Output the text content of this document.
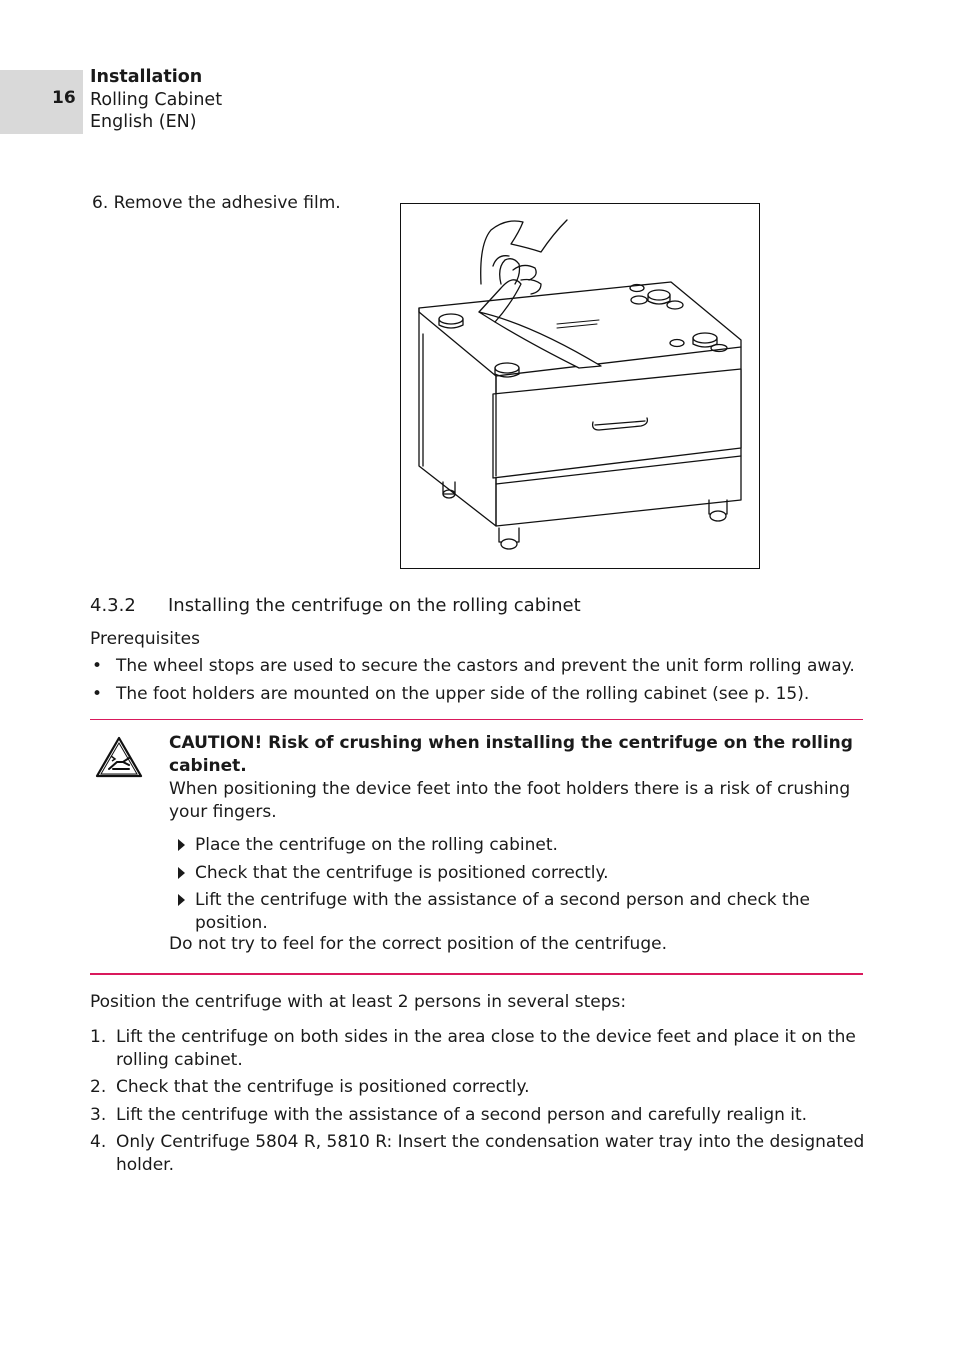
16
Installation
Rolling Cabinet
English (EN)
6. Remove the adhesive film.
4.3.2 Installing the centrifuge on the rolling cabinet
Prerequisites
• The wheel stops are used to secure the castors and prevent the unit form rolling away.
• The foot holders are mounted on the upper side of the rolling cabinet (see p. 15).
CAUTION! Risk of crushing when installing the centrifuge on the rolling cabinet.
When positioning the device feet into the foot holders there is a risk of crushing your fingers.
Place the centrifuge on the rolling cabinet.
Check that the centrifuge is positioned correctly.
Lift the centrifuge with the assistance of a second person and check the position.
Do not try to feel for the correct position of the centrifuge.
Position the centrifuge with at least 2 persons in several steps:
1. Lift the centrifuge on both sides in the area close to the device feet and place it on the rolling cabinet.
2. Check that the centrifuge is positioned correctly.
3. Lift the centrifuge with the assistance of a second person and carefully realign it.
4. Only Centrifuge 5804 R, 5810 R: Insert the condensation water tray into the designated holder.
